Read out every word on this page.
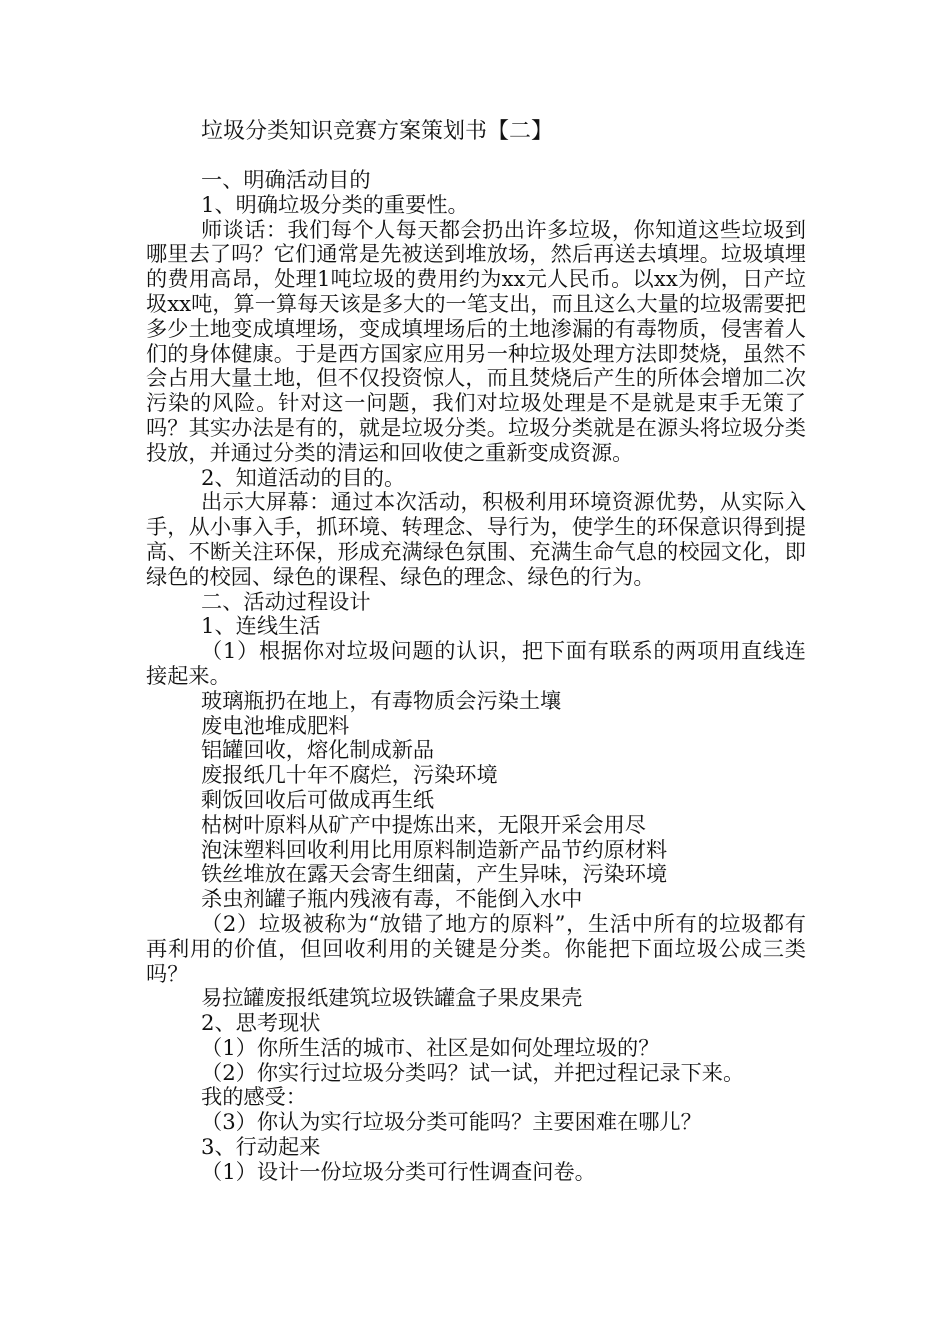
垃圾分类知识竞赛方案策划书【二】

一、明确活动目的

1、明确垃圾分类的重要性。

师谈话：我们每个人每天都会扔出许多垃圾，你知道这些垃圾到哪里去了吗？它们通常是先被送到堆放场，然后再送去填埋。垃圾填埋的费用高昂，处理1吨垃圾的费用约为xx元人民币。以xx为例，日产垃圾xx吨，算一算每天该是多大的一笔支出，而且这么大量的垃圾需要把多少土地变成填埋场，变成填埋场后的土地渗漏的有毒物质，侵害着人们的身体健康。于是西方国家应用另一种垃圾处理方法即焚烧，虽然不会占用大量土地，但不仅投资惊人，而且焚烧后产生的所体会增加二次污染的风险。针对这一问题，我们对垃圾处理是不是就是束手无策了吗？其实办法是有的，就是垃圾分类。垃圾分类就是在源头将垃圾分类投放，并通过分类的清运和回收使之重新变成资源。

2、知道活动的目的。

出示大屏幕：通过本次活动，积极利用环境资源优势，从实际入手，从小事入手，抓环境、转理念、导行为，使学生的环保意识得到提高、不断关注环保，形成充满绿色氛围、充满生命气息的校园文化，即绿色的校园、绿色的课程、绿色的理念、绿色的行为。

二、活动过程设计

1、连线生活

（1）根据你对垃圾问题的认识，把下面有联系的两项用直线连接起来。

玻璃瓶扔在地上，有毒物质会污染土壤

废电池堆成肥料

铝罐回收，熔化制成新品

废报纸几十年不腐烂，污染环境

剩饭回收后可做成再生纸

枯树叶原料从矿产中提炼出来，无限开采会用尽

泡沫塑料回收利用比用原料制造新产品节约原材料

铁丝堆放在露天会寄生细菌，产生异味，污染环境

杀虫剂罐子瓶内残液有毒，不能倒入水中

（2）垃圾被称为“放错了地方的原料”，生活中所有的垃圾都有再利用的价值，但回收利用的关键是分类。你能把下面垃圾公成三类吗？

易拉罐废报纸建筑垃圾铁罐盒子果皮果壳

2、思考现状

（1）你所生活的城市、社区是如何处理垃圾的？

（2）你实行过垃圾分类吗？试一试，并把过程记录下来。

我的感受：

（3）你认为实行垃圾分类可能吗？主要困难在哪儿？

3、行动起来

（1）设计一份垃圾分类可行性调查问卷。
